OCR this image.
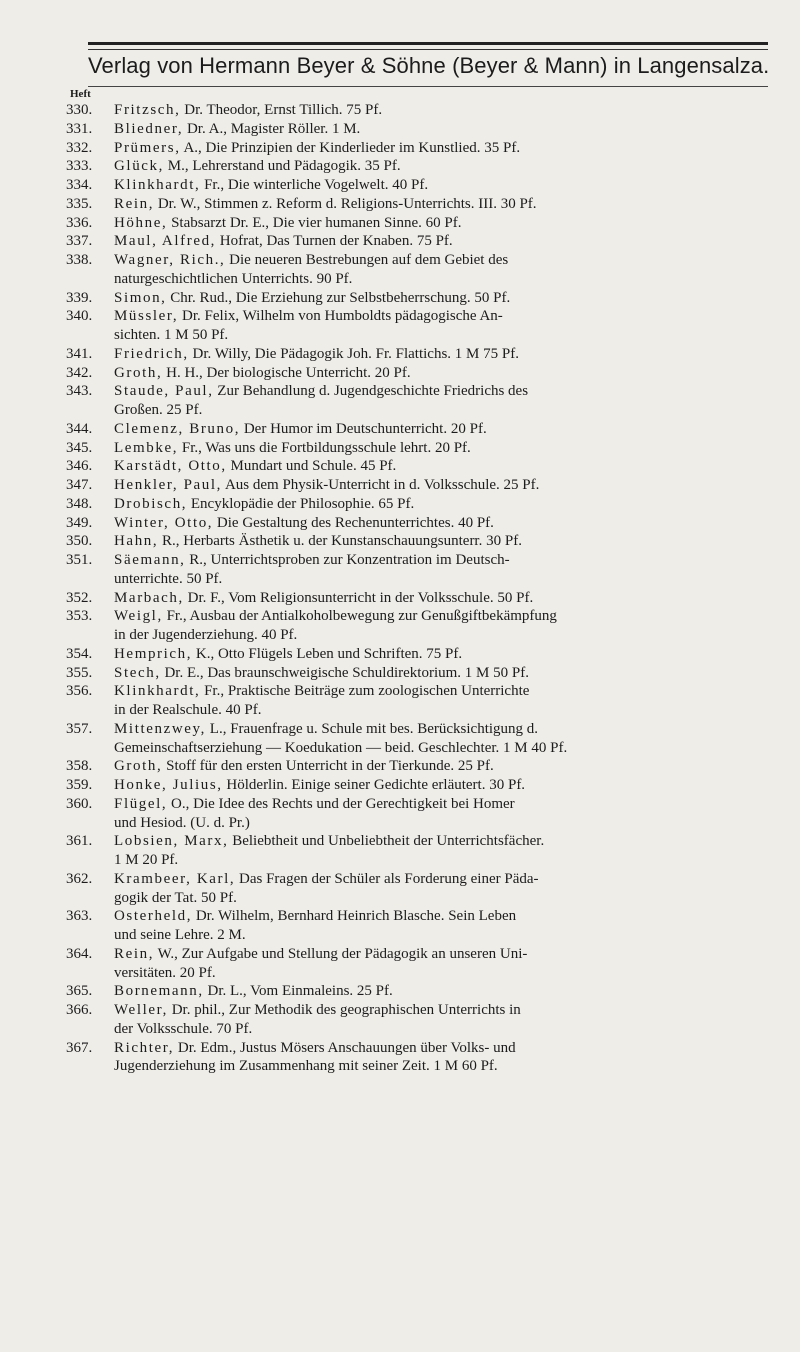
Verlag von Hermann Beyer & Söhne (Beyer & Mann) in Langensalza.
Heft
330.	Fritzsch, Dr. Theodor, Ernst Tillich. 75 Pf.
331.	Bliedner, Dr. A., Magister Röller. 1 M.
332.	Prümers, A., Die Prinzipien der Kinderlieder im Kunstlied. 35 Pf.
333.	Glück, M., Lehrerstand und Pädagogik. 35 Pf.
334.	Klinkhardt, Fr., Die winterliche Vogelwelt. 40 Pf.
335.	Rein, Dr. W., Stimmen z. Reform d. Religions-Unterrichts. III. 30 Pf.
336.	Höhne, Stabsarzt Dr. E., Die vier humanen Sinne. 60 Pf.
337.	Maul, Alfred, Hofrat, Das Turnen der Knaben. 75 Pf.
338.	Wagner, Rich., Die neueren Bestrebungen auf dem Gebiet des
naturgeschichtlichen Unterrichts. 90 Pf.
339.	Simon, Chr. Rud., Die Erziehung zur Selbstbeherrschung. 50 Pf.
340.	Müssler, Dr. Felix, Wilhelm von Humboldts pädagogische An-
sichten. 1 M 50 Pf.
341.	Friedrich, Dr. Willy, Die Pädagogik Joh. Fr. Flattichs. 1 M 75 Pf.
342.	Groth, H. H., Der biologische Unterricht. 20 Pf.
343.	Staude, Paul, Zur Behandlung d. Jugendgeschichte Friedrichs des
Großen. 25 Pf.
344.	Clemenz, Bruno, Der Humor im Deutschunterricht. 20 Pf.
345.	Lembke, Fr., Was uns die Fortbildungsschule lehrt. 20 Pf.
346.	Karstädt, Otto, Mundart und Schule. 45 Pf.
347.	Henkler, Paul, Aus dem Physik-Unterricht in d. Volksschule. 25 Pf.
348.	Drobisch, Encyklopädie der Philosophie. 65 Pf.
349.	Winter, Otto, Die Gestaltung des Rechenunterrichtes. 40 Pf.
350.	Hahn, R., Herbarts Ästhetik u. der Kunstanschauungsunterr. 30 Pf.
351.	Säemann, R., Unterrichtsproben zur Konzentration im Deutsch-
unterrichte. 50 Pf.
352.	Marbach, Dr. F., Vom Religionsunterricht in der Volksschule. 50 Pf.
353.	Weigl, Fr., Ausbau der Antialkoholbewegung zur Genußgiftbekämpfung
in der Jugenderziehung. 40 Pf.
354.	Hemprich, K., Otto Flügels Leben und Schriften. 75 Pf.
355.	Stech, Dr. E., Das braunschweigische Schuldirektorium. 1 M 50 Pf.
356.	Klinkhardt, Fr., Praktische Beiträge zum zoologischen Unterrichte
in der Realschule. 40 Pf.
357.	Mittenzwey, L., Frauenfrage u. Schule mit bes. Berücksichtigung d.
Gemeinschaftserziehung — Koedukation — beid. Geschlechter. 1 M 40 Pf.
358.	Groth, Stoff für den ersten Unterricht in der Tierkunde. 25 Pf.
359.	Honke, Julius, Hölderlin. Einige seiner Gedichte erläutert. 30 Pf.
360.	Flügel, O., Die Idee des Rechts und der Gerechtigkeit bei Homer
und Hesiod. (U. d. Pr.)
361.	Lobsien, Marx, Beliebtheit und Unbeliebtheit der Unterrichtsfächer.
1 M 20 Pf.
362.	Krambeer, Karl, Das Fragen der Schüler als Forderung einer Päda-
gogik der Tat. 50 Pf.
363.	Osterheld, Dr. Wilhelm, Bernhard Heinrich Blasche. Sein Leben
und seine Lehre. 2 M.
364.	Rein, W., Zur Aufgabe und Stellung der Pädagogik an unseren Uni-
versitäten. 20 Pf.
365.	Bornemann, Dr. L., Vom Einmaleins. 25 Pf.
366.	Weller, Dr. phil., Zur Methodik des geographischen Unterrichts in
der Volksschule. 70 Pf.
367.	Richter, Dr. Edm., Justus Mösers Anschauungen über Volks- und
Jugenderziehung im Zusammenhang mit seiner Zeit. 1 M 60 Pf.
